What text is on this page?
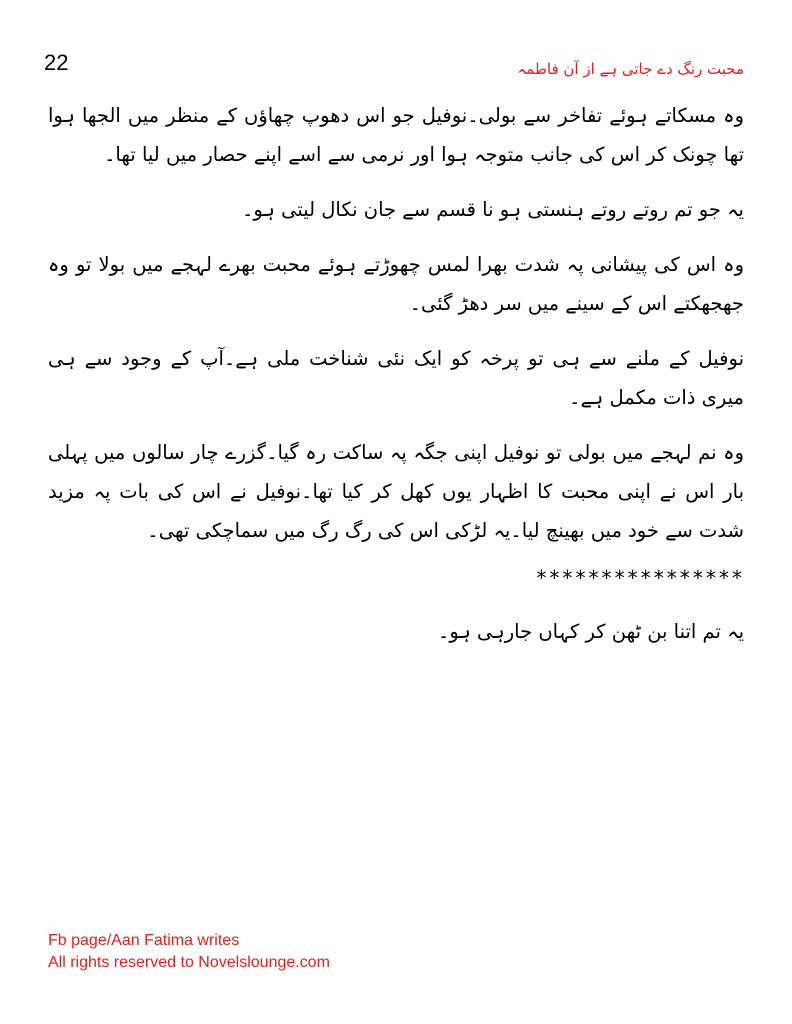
22	محبت رنگ دے جاتی ہے از آن فاطمہ

وہ مسکاتے ہوئے تفاخر سے بولی۔نوفیل جو اس دھوپ چھاؤں کے منظر میں الجھا ہوا تھا چونک کر اس کی جانب متوجہ ہوا اور نرمی سے اسے اپنے حصار میں لیا تھا۔

یہ جو تم روتے روتے ہنستی ہو نا قسم سے جان نکال لیتی ہو۔

وہ اس کی پیشانی پہ شدت بھرا لمس چھوڑتے ہوئے محبت بھرے لہجے میں بولا تو وہ جھجھکتے اس کے سینے میں سر دھڑ گئی۔

نوفیل کے ملنے سے ہی تو پرخہ کو ایک نئی شناخت ملی ہے۔آپ کے وجود سے ہی میری ذات مکمل ہے۔

وہ نم لہجے میں بولی تو نوفیل اپنی جگہ پہ ساکت رہ گیا۔گزرے چار سالوں میں پہلی بار اس نے اپنی محبت کا اظہار یوں کھل کر کیا تھا۔نوفیل نے اس کی بات پہ مزید شدت سے خود میں بھینچ لیا۔یہ لڑکی اس کی رگ رگ میں سماچکی تھی۔

****************

یہ تم اتنا بن ٹھن کر کہاں جارہی ہو۔

Fb page/Aan Fatima writes
All rights reserved to Novelslounge.com
